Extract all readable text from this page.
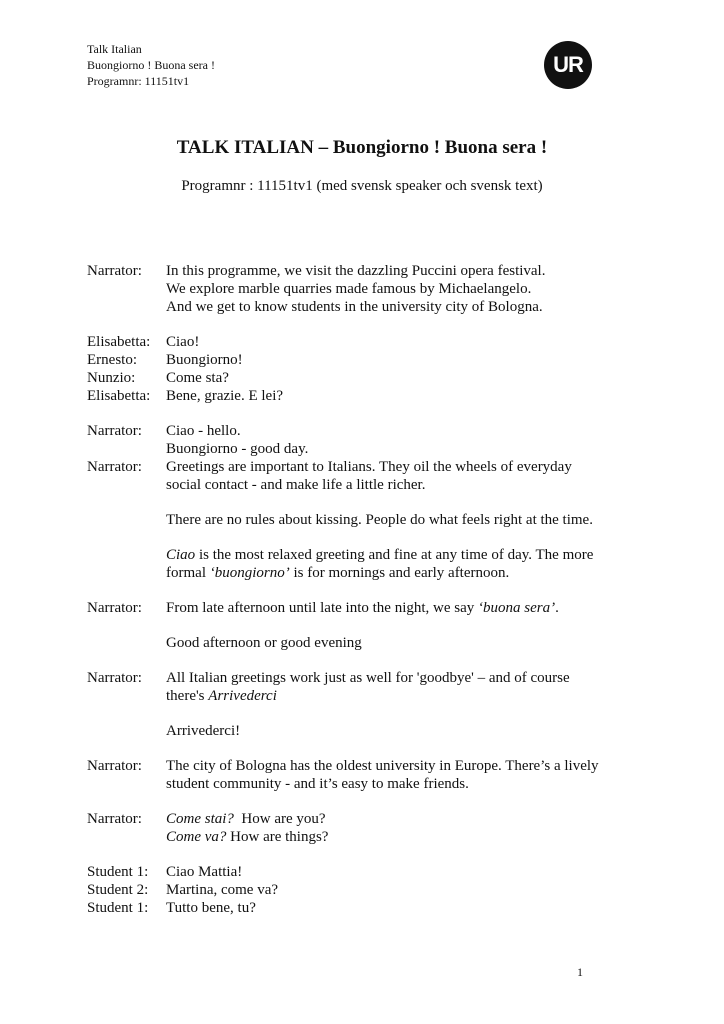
Talk Italian
Buongiorno ! Buona sera !
Programnr: 11151tv1
UR
TALK ITALIAN – Buongiorno ! Buona sera !
Programnr : 11151tv1 (med svensk speaker och svensk text)
Narrator:	In this programme, we visit the dazzling Puccini opera festival.
We explore marble quarries made famous by Michaelangelo.
And we get to know students in the university city of Bologna.
Elisabetta:	Ciao!
Ernesto:	Buongiorno!
Nunzio:	Come sta?
Elisabetta:	Bene, grazie. E lei?
Narrator:	Ciao - hello.
Buongiorno - good day.
Narrator:	Greetings are important to Italians. They oil the wheels of everyday social contact - and make life a little richer.
There are no rules about kissing. People do what feels right at the time.
Ciao is the most relaxed greeting and fine at any time of day. The more formal ‘buongiorno’ is for mornings and early afternoon.
Narrator:	From late afternoon until late into the night, we say ‘buona sera’.
Good afternoon or good evening
Narrator:	All Italian greetings work just as well for 'goodbye' – and of course there's Arrivederci
Arrivederci!
Narrator:	The city of Bologna has the oldest university in Europe. There’s a lively student community - and it’s easy to make friends.
Narrator:	Come stai?  How are you?
Come va? How are things?
Student 1:	Ciao Mattia!
Student 2:	Martina, come va?
Student 1:	Tutto bene, tu?
1
